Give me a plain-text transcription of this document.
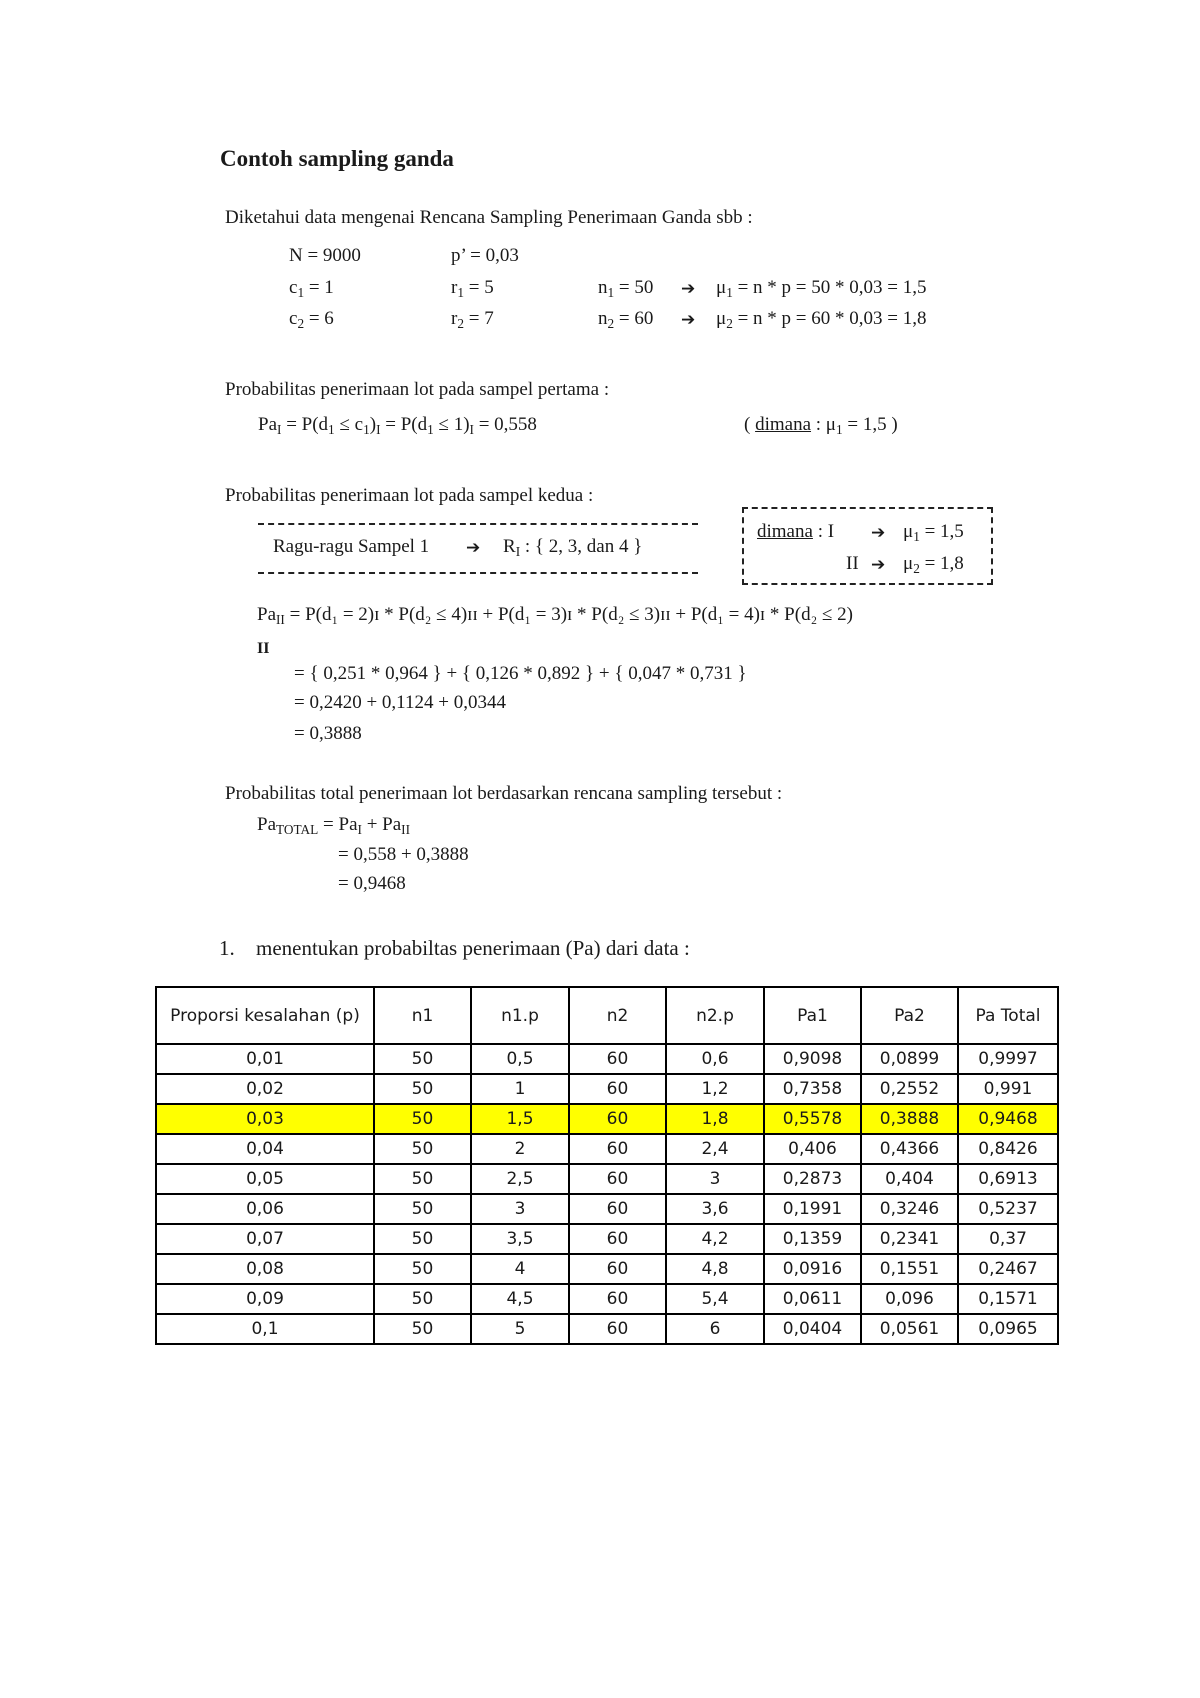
Contoh sampling ganda
Diketahui data mengenai Rencana Sampling Penerimaan Ganda sbb :
N = 9000	p’ = 0,03
$c_1 = 1$	$r_1 = 5$	$n_1 = 50$ ➔ $\mu_1 = n * p = 50 * 0,03 = 1,5$
$c_2 = 6$	$r_2 = 7$	$n_2 = 60$ ➔ $\mu_2 = n * p = 60 * 0,03 = 1,8$
Probabilitas penerimaan lot pada sampel pertama :
$Pa_I = P(d_1 \le c_1)_I = P(d_1 \le 1)_I = 0,558$	( dimana : $\mu_1 = 1,5$ )
Probabilitas penerimaan lot pada sampel kedua :
Ragu-ragu Sampel 1 ➔ $R_I$ : { 2, 3, dan 4 }
dimana : I ➔ $\mu_1 = 1,5$
II ➔ $\mu_2 = 1,8$
$Pa_{II} = P(d_1$ = 2)ɪ * P(d₂ ≤ 4)ɪɪ + P(d₁ = 3)ɪ * P(d₂ ≤ 3)ɪɪ + P(d₁ = 4)ɪ * P(d₂ ≤ 2)
II
= { 0,251 * 0,964 } + { 0,126 * 0,892 } + { 0,047 * 0,731 }
= 0,2420 + 0,1124 + 0,0344
= 0,3888
Probabilitas total penerimaan lot berdasarkan rencana sampling tersebut :
$Pa_{TOTAL} = Pa_I + Pa_{II}$
= 0,558 + 0,3888
= 0,9468
1. menentukan probabiltas penerimaan (Pa) dari data :
Proporsi kesalahan (p)	n1	n1.p	n2	n2.p	Pa1	Pa2	Pa Total
0,01	50	0,5	60	0,6	0,9098	0,0899	0,9997
0,02	50	1	60	1,2	0,7358	0,2552	0,991
0,03	50	1,5	60	1,8	0,5578	0,3888	0,9468
0,04	50	2	60	2,4	0,406	0,4366	0,8426
0,05	50	2,5	60	3	0,2873	0,404	0,6913
0,06	50	3	60	3,6	0,1991	0,3246	0,5237
0,07	50	3,5	60	4,2	0,1359	0,2341	0,37
0,08	50	4	60	4,8	0,0916	0,1551	0,2467
0,09	50	4,5	60	5,4	0,0611	0,096	0,1571
0,1	50	5	60	6	0,0404	0,0561	0,0965
